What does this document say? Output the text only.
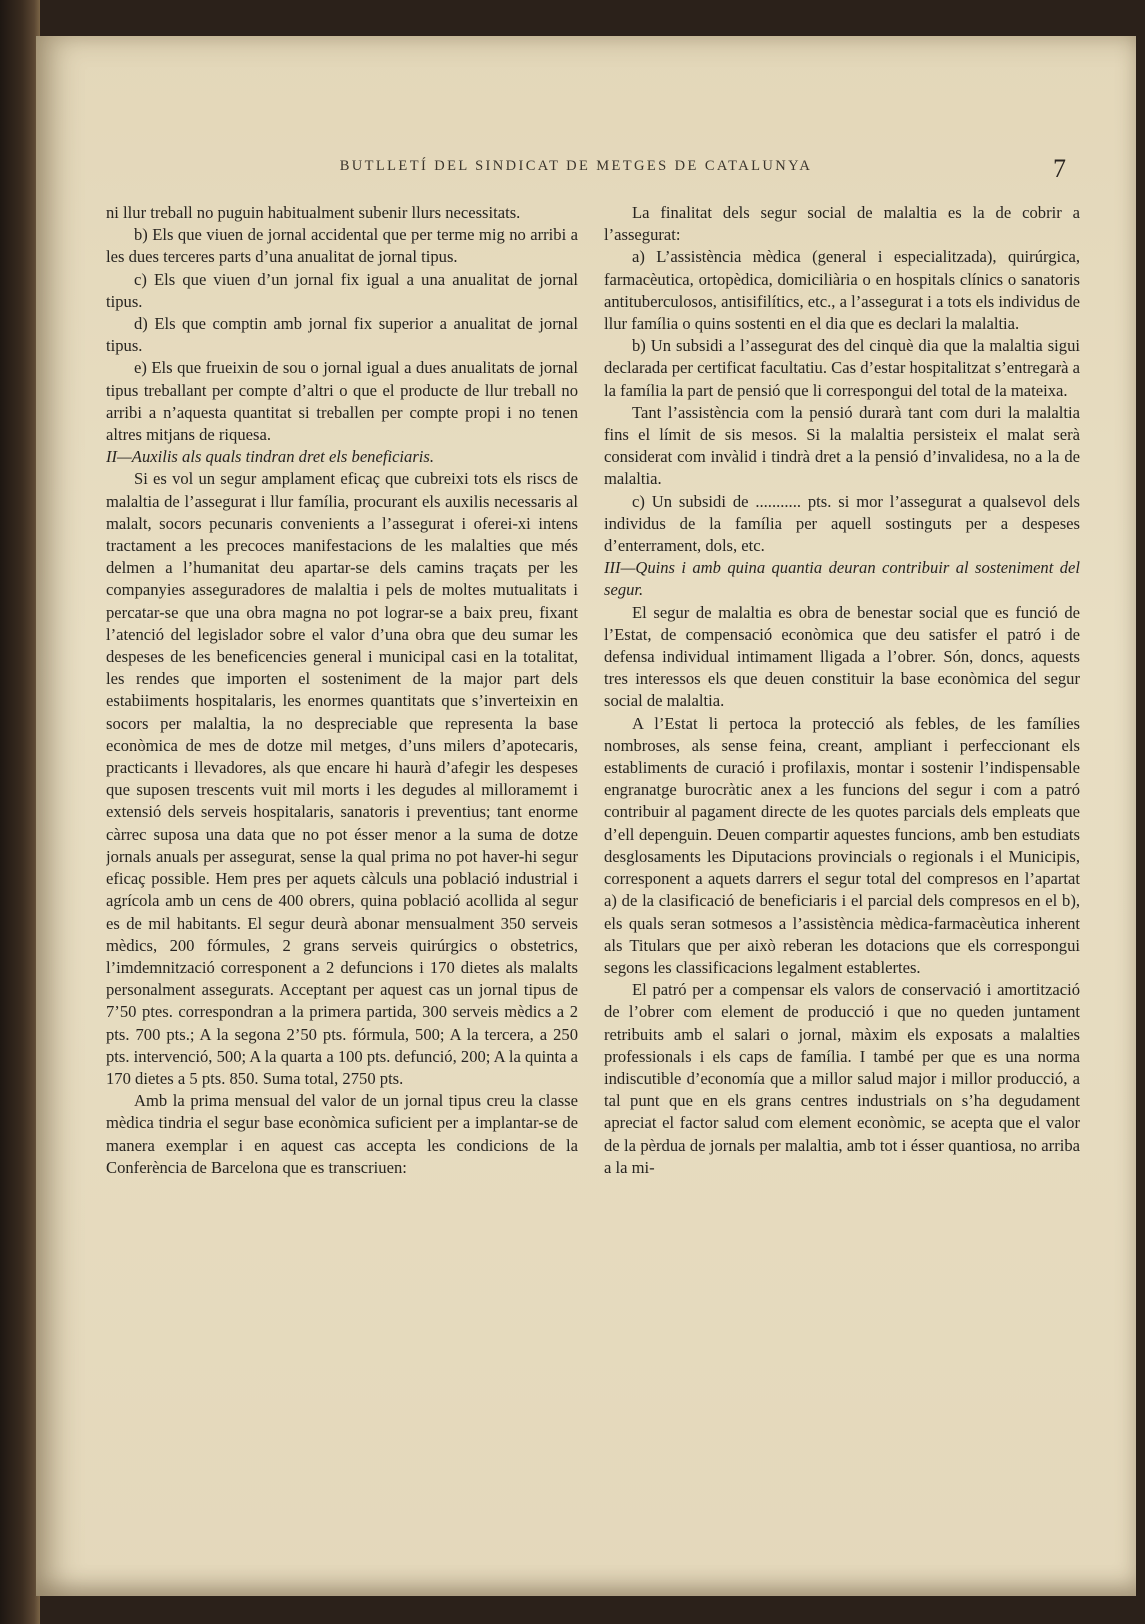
BUTLLETÍ DEL SINDICAT DE METGES DE CATALUNYA	7

ni llur treball no puguin habitualment subenir llurs necessitats.

b) Els que viuen de jornal accidental que per terme mig no arribi a les dues terceres parts d’una anualitat de jornal tipus.

c) Els que viuen d’un jornal fix igual a una anualitat de jornal tipus.

d) Els que comptin amb jornal fix superior a anualitat de jornal tipus.

e) Els que frueixin de sou o jornal igual a dues anualitats de jornal tipus treballant per compte d’altri o que el producte de llur treball no arribi a n’aquesta quantitat si treballen per compte propi i no tenen altres mitjans de riquesa.

II—Auxilis als quals tindran dret els beneficiaris.

Si es vol un segur amplament eficaç que cubreixi tots els riscs de malaltia de l’assegurat i llur família, procurant els auxilis necessaris al malalt, socors pecunaris convenients a l’assegurat i oferei-xi intens tractament a les precoces manifestacions de les malalties que més delmen a l’humanitat deu apartar-se dels camins traçats per les companyies asseguradores de malaltia i pels de moltes mutualitats i percatar-se que una obra magna no pot lograr-se a baix preu, fixant l’atenció del legislador sobre el valor d’una obra que deu sumar les despeses de les beneficencies general i municipal casi en la totalitat, les rendes que importen el sosteniment de la major part dels estabiiments hospitalaris, les enormes quantitats que s’inverteixin en socors per malaltia, la no despreciable que representa la base econòmica de mes de dotze mil metges, d’uns milers d’apotecaris, practicants i llevadores, als que encare hi haurà d’afegir les despeses que suposen trescents vuit mil morts i les degudes al milloramemt i extensió dels serveis hospitalaris, sanatoris i preventius; tant enorme càrrec suposa una data que no pot ésser menor a la suma de dotze jornals anuals per assegurat, sense la qual prima no pot haver-hi segur eficaç possible. Hem pres per aquets càlculs una població industrial i agrícola amb un cens de 400 obrers, quina població acollida al segur es de mil habitants. El segur deurà abonar mensualment 350 serveis mèdics, 200 fórmules, 2 grans serveis quirúrgics o obstetrics, l’imdemnització corresponent a 2 defuncions i 170 dietes als malalts personalment assegurats. Acceptant per aquest cas un jornal tipus de 7’50 ptes. correspondran a la primera partida, 300 serveis mèdics a 2 pts. 700 pts.; A la segona 2’50 pts. fórmula, 500; A la tercera, a 250 pts. intervenció, 500; A la quarta a 100 pts. defunció, 200; A la quinta a 170 dietes a 5 pts. 850. Suma total, 2750 pts.

Amb la prima mensual del valor de un jornal tipus creu la classe mèdica tindria el segur base econòmica suficient per a implantar-se de manera exemplar i en aquest cas accepta les condicions de la Conferència de Barcelona que es transcriuen:

La finalitat dels segur social de malaltia es la de cobrir a l’assegurat:

a) L’assistència mèdica (general i especialitzada), quirúrgica, farmacèutica, ortopèdica, domiciliària o en hospitals clínics o sanatoris antituberculosos, antisifilítics, etc., a l’assegurat i a tots els individus de llur família o quins sostenti en el dia que es declari la malaltia.

b) Un subsidi a l’assegurat des del cinquè dia que la malaltia sigui declarada per certificat facultatiu. Cas d’estar hospitalitzat s’entregarà a la família la part de pensió que li correspongui del total de la mateixa.

Tant l’assistència com la pensió durarà tant com duri la malaltia fins el límit de sis mesos. Si la malaltia persisteix el malat serà considerat com invàlid i tindrà dret a la pensió d’invalidesa, no a la de malaltia.

c) Un subsidi de ........... pts. si mor l’assegurat a qualsevol dels individus de la família per aquell sostinguts per a despeses d’enterrament, dols, etc.

III—Quins i amb quina quantia deuran contribuir al sosteniment del segur.

El segur de malaltia es obra de benestar social que es funció de l’Estat, de compensació econòmica que deu satisfer el patró i de defensa individual intimament lligada a l’obrer. Són, doncs, aquests tres interessos els que deuen constituir la base econòmica del segur social de malaltia.

A l’Estat li pertoca la protecció als febles, de les famílies nombroses, als sense feina, creant, ampliant i perfeccionant els establiments de curació i profilaxis, montar i sostenir l’indispensable engranatge burocràtic anex a les funcions del segur i com a patró contribuir al pagament directe de les quotes parcials dels empleats que d’ell depenguin. Deuen compartir aquestes funcions, amb ben estudiats desglosaments les Diputacions provincials o regionals i el Municipis, corresponent a aquets darrers el segur total del compresos en l’apartat a) de la clasificació de beneficiaris i el parcial dels compresos en el b), els quals seran sotmesos a l’assistència mèdica-farmacèutica inherent als Titulars que per això reberan les dotacions que els correspongui segons les classificacions legalment establertes.

El patró per a compensar els valors de conservació i amortització de l’obrer com element de producció i que no queden juntament retribuits amb el salari o jornal, màxim els exposats a malalties professionals i els caps de família. I també per que es una norma indiscutible d’economía que a millor salud major i millor producció, a tal punt que en els grans centres industrials on s’ha degudament apreciat el factor salud com element econòmic, se acepta que el valor de la pèrdua de jornals per malaltia, amb tot i ésser quantiosa, no arriba a la mi-
